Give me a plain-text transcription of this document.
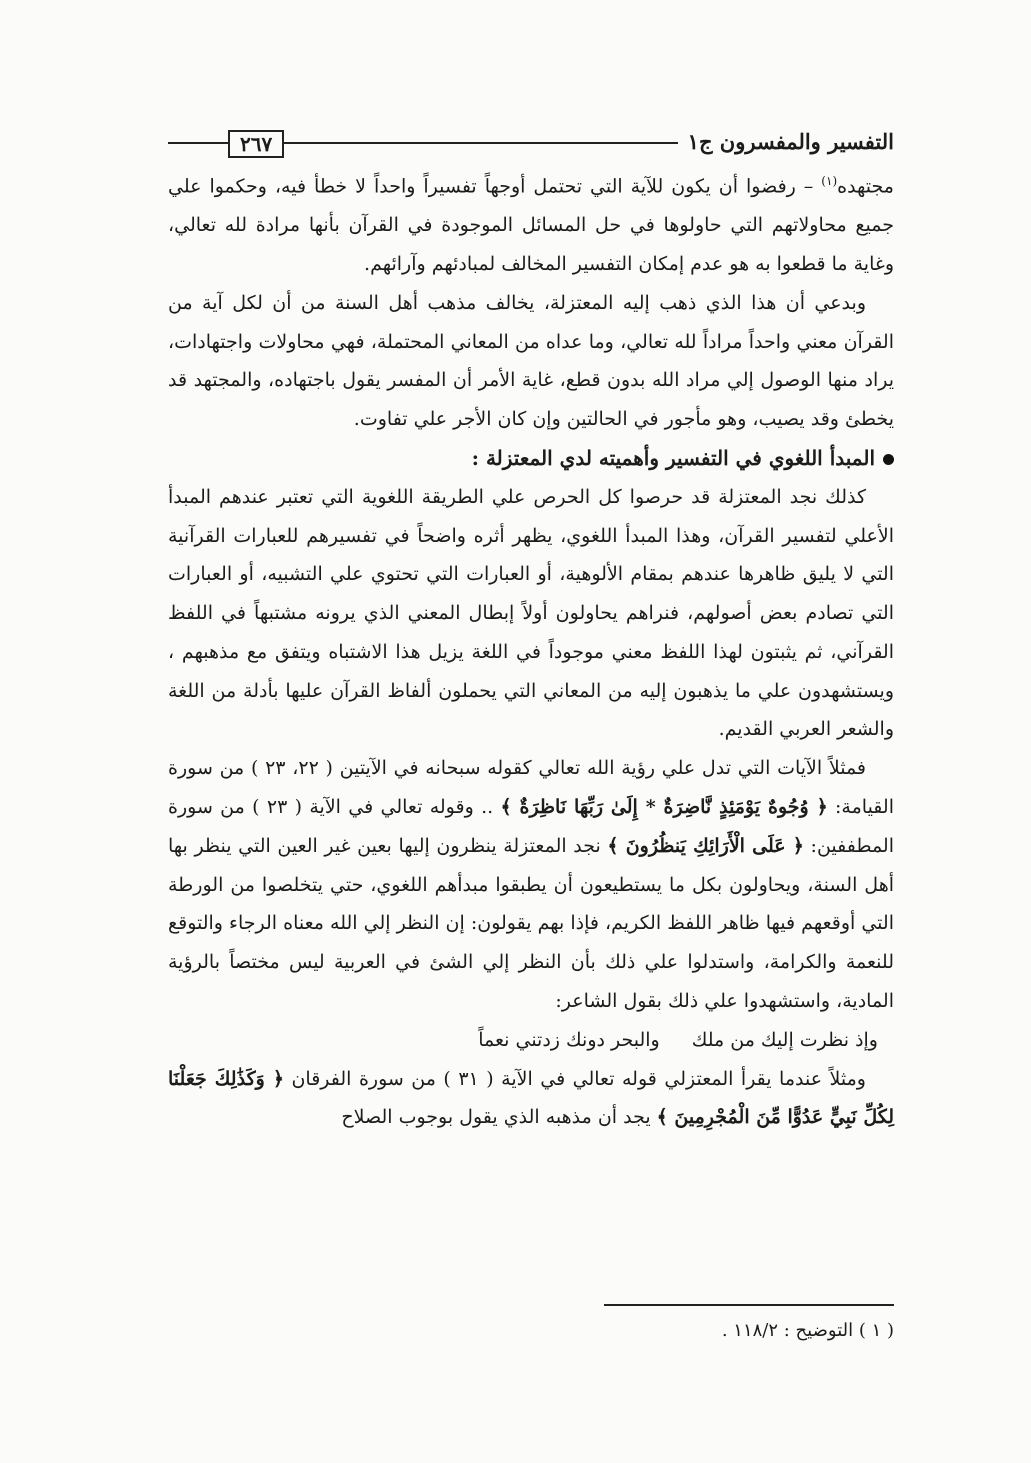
التفسير والمفسرون ج١
٢٦٧

مجتهده$^{(١)}$ – رفضوا أن يكون للآية التي تحتمل أوجهاً تفسيراً واحداً لا خطأ فيه، وحكموا علي جميع محاولاتهم التي حاولوها في حل المسائل الموجودة في القرآن بأنها مرادة لله تعالي، وغاية ما قطعوا به هو عدم إمكان التفسير المخالف لمبادئهم وآرائهم.

وبدعي أن هذا الذي ذهب إليه المعتزلة، يخالف مذهب أهل السنة من أن لكل آية من القرآن معني واحداً مراداً لله تعالي، وما عداه من المعاني المحتملة، فهي محاولات واجتهادات، يراد منها الوصول إلي مراد الله بدون قطع، غاية الأمر أن المفسر يقول باجتهاده، والمجتهد قد يخطئ وقد يصيب، وهو مأجور في الحالتين وإن كان الأجر علي تفاوت.

المبدأ اللغوي في التفسير وأهميته لدي المعتزلة :

كذلك نجد المعتزلة قد حرصوا كل الحرص علي الطريقة اللغوية التي تعتبر عندهم المبدأ الأعلي لتفسير القرآن، وهذا المبدأ اللغوي، يظهر أثره واضحاً في تفسيرهم للعبارات القرآنية التي لا يليق ظاهرها عندهم بمقام الألوهية، أو العبارات التي تحتوي علي التشبيه، أو العبارات التي تصادم بعض أصولهم، فنراهم يحاولون أولاً إبطال المعني الذي يرونه مشتبهاً في اللفظ القرآني، ثم يثبتون لهذا اللفظ معني موجوداً في اللغة يزيل هذا الاشتباه ويتفق مع مذهبهم ، ويستشهدون علي ما يذهبون إليه من المعاني التي يحملون ألفاظ القرآن عليها بأدلة من اللغة والشعر العربي القديم.

فمثلاً الآيات التي تدل علي رؤية الله تعالي كقوله سبحانه في الآيتين ( ٢٢، ٢٣ ) من سورة القيامة: ﴿ وُجُوهٌ يَوْمَئِذٍ نَّاضِرَةٌ * إِلَىٰ رَبِّهَا نَاظِرَةٌ ﴾ .. وقوله تعالي في الآية ( ٢٣ ) من سورة المطففين: ﴿ عَلَى الْأَرَائِكِ يَنظُرُونَ ﴾ نجد المعتزلة ينظرون إليها بعين غير العين التي ينظر بها أهل السنة، ويحاولون بكل ما يستطيعون أن يطبقوا مبدأهم اللغوي، حتي يتخلصوا من الورطة التي أوقعهم فيها ظاهر اللفظ الكريم، فإذا بهم يقولون: إن النظر إلي الله معناه الرجاء والتوقع للنعمة والكرامة، واستدلوا علي ذلك بأن النظر إلي الشئ في العربية ليس مختصاً بالرؤية المادية، واستشهدوا علي ذلك بقول الشاعر:

وإذ نظرت إليك من ملكوالبحر دونك زدتني نعماً

ومثلاً عندما يقرأ المعتزلي قوله تعالي في الآية ( ٣١ ) من سورة الفرقان ﴿ وَكَذَٰلِكَ جَعَلْنَا لِكُلِّ نَبِيٍّ عَدُوًّا مِّنَ الْمُجْرِمِينَ ﴾ يجد أن مذهبه الذي يقول بوجوب الصلاح

( ١ ) التوضيح : ١١٨/٢ .
